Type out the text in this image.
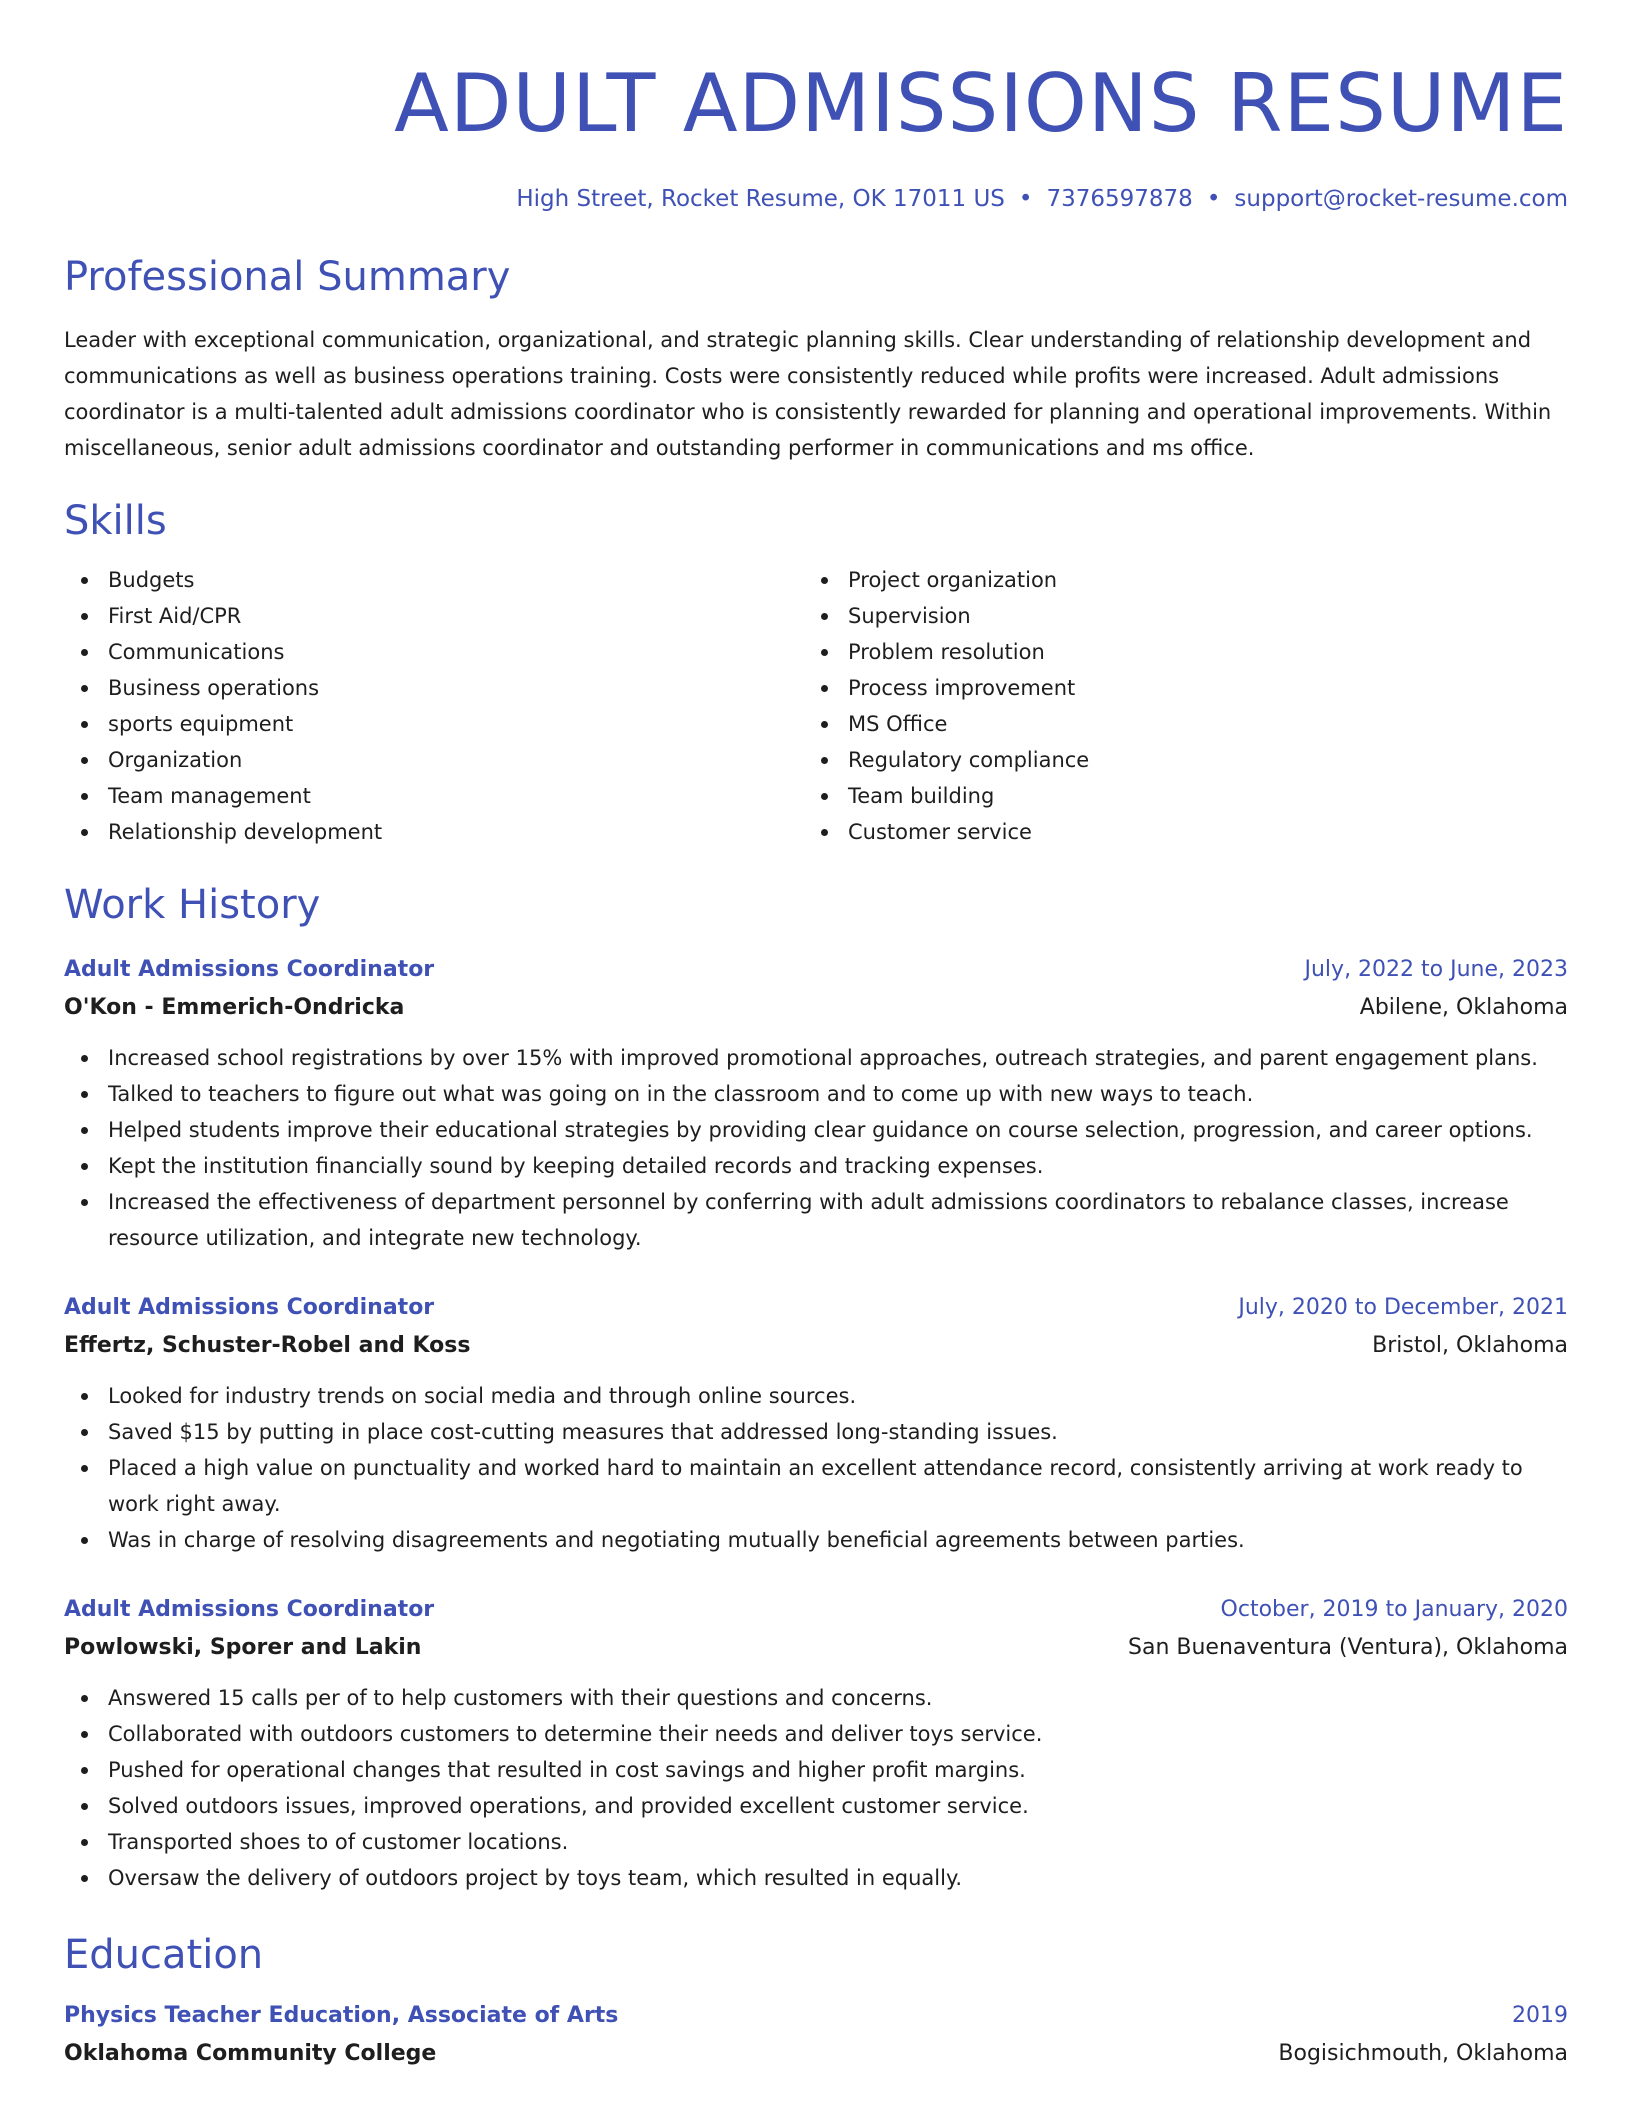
ADULT ADMISSIONS RESUME
High Street, Rocket Resume, OK 17011 US • 7376597878 • support@rocket-resume.com
Professional Summary

Leader with exceptional communication, organizational, and strategic planning skills. Clear understanding of relationship development and communications as well as business operations training. Costs were consistently reduced while profits were increased. Adult admissions coordinator is a multi-talented adult admissions coordinator who is consistently rewarded for planning and operational improvements. Within miscellaneous, senior adult admissions coordinator and outstanding performer in communications and ms office.

Skills
Budgets
First Aid/CPR
Communications
Business operations
sports equipment
Organization
Team management
Relationship development
Project organization
Supervision
Problem resolution
Process improvement
MS Office
Regulatory compliance
Team building
Customer service
Work History
Adult Admissions Coordinator	July, 2022 to June, 2023
O'Kon - Emmerich-Ondricka	Abilene, Oklahoma
Increased school registrations by over 15% with improved promotional approaches, outreach strategies, and parent engagement plans.
Talked to teachers to figure out what was going on in the classroom and to come up with new ways to teach.
Helped students improve their educational strategies by providing clear guidance on course selection, progression, and career options.
Kept the institution financially sound by keeping detailed records and tracking expenses.
Increased the effectiveness of department personnel by conferring with adult admissions coordinators to rebalance classes, increase resource utilization, and integrate new technology.
Adult Admissions Coordinator	July, 2020 to December, 2021
Effertz, Schuster-Robel and Koss	Bristol, Oklahoma
Looked for industry trends on social media and through online sources.
Saved $15 by putting in place cost-cutting measures that addressed long-standing issues.
Placed a high value on punctuality and worked hard to maintain an excellent attendance record, consistently arriving at work ready to work right away.
Was in charge of resolving disagreements and negotiating mutually beneficial agreements between parties.
Adult Admissions Coordinator	October, 2019 to January, 2020
Powlowski, Sporer and Lakin	San Buenaventura (Ventura), Oklahoma
Answered 15 calls per of to help customers with their questions and concerns.
Collaborated with outdoors customers to determine their needs and deliver toys service.
Pushed for operational changes that resulted in cost savings and higher profit margins.
Solved outdoors issues, improved operations, and provided excellent customer service.
Transported shoes to of customer locations.
Oversaw the delivery of outdoors project by toys team, which resulted in equally.
Education
Physics Teacher Education, Associate of Arts	2019
Oklahoma Community College	Bogisichmouth, Oklahoma
